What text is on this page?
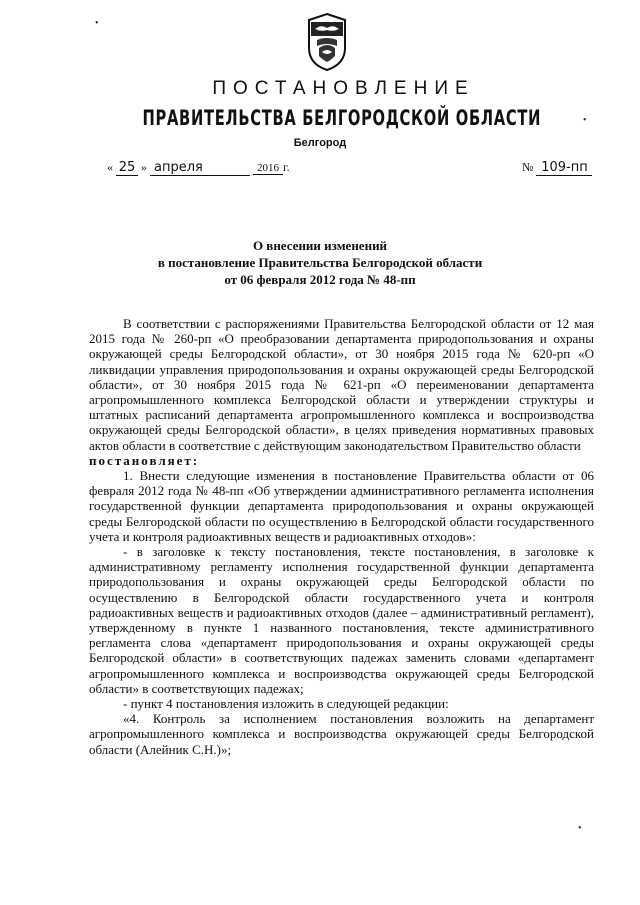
ПОСТАНОВЛЕНИЕ
ПРАВИТЕЛЬСТВА БЕЛГОРОДСКОЙ ОБЛАСТИ
Белгород
« 25 » апреля	2016 г.	№ 109-пп
О внесении изменений
в постановление Правительства Белгородской области
от 06 февраля 2012 года № 48-пп

В соответствии с распоряжениями Правительства Белгородской области от 12 мая 2015 года № 260-рп «О преобразовании департамента природопользования и охраны окружающей среды Белгородской области», от 30 ноября 2015 года № 620-рп «О ликвидации управления природопользования и охраны окружающей среды Белгородской области», от 30 ноября 2015 года № 621-рп «О переименовании департамента агропромышленного комплекса Белгородской области и утверждении структуры и штатных расписаний департамента агропромышленного комплекса и воспроизводства окружающей среды Белгородской области», в целях приведения нормативных правовых актов области в соответствие с действующим законодательством Правительство области

постановляет:

1. Внести следующие изменения в постановление Правительства области от 06 февраля 2012 года № 48-пп «Об утверждении административного регламента исполнения государственной функции департамента природопользования и охраны окружающей среды Белгородской области по осуществлению в Белгородской области государственного учета и контроля радиоактивных веществ и радиоактивных отходов»:

- в заголовке к тексту постановления, тексте постановления, в заголовке к административному регламенту исполнения государственной функции департамента природопользования и охраны окружающей среды Белгородской области по осуществлению в Белгородской области государственного учета и контроля радиоактивных веществ и радиоактивных отходов (далее – административный регламент), утвержденному в пункте 1 названного постановления, тексте административного регламента слова «департамент природопользования и охраны окружающей среды Белгородской области» в соответствующих падежах заменить словами «департамент агропромышленного комплекса и воспроизводства окружающей среды Белгородской области» в соответствующих падежах;

- пункт 4 постановления изложить в следующей редакции:

«4. Контроль за исполнением постановления возложить на департамент агропромышленного комплекса и воспроизводства окружающей среды Белгородской области (Алейник С.Н.)»;

•
•
•
